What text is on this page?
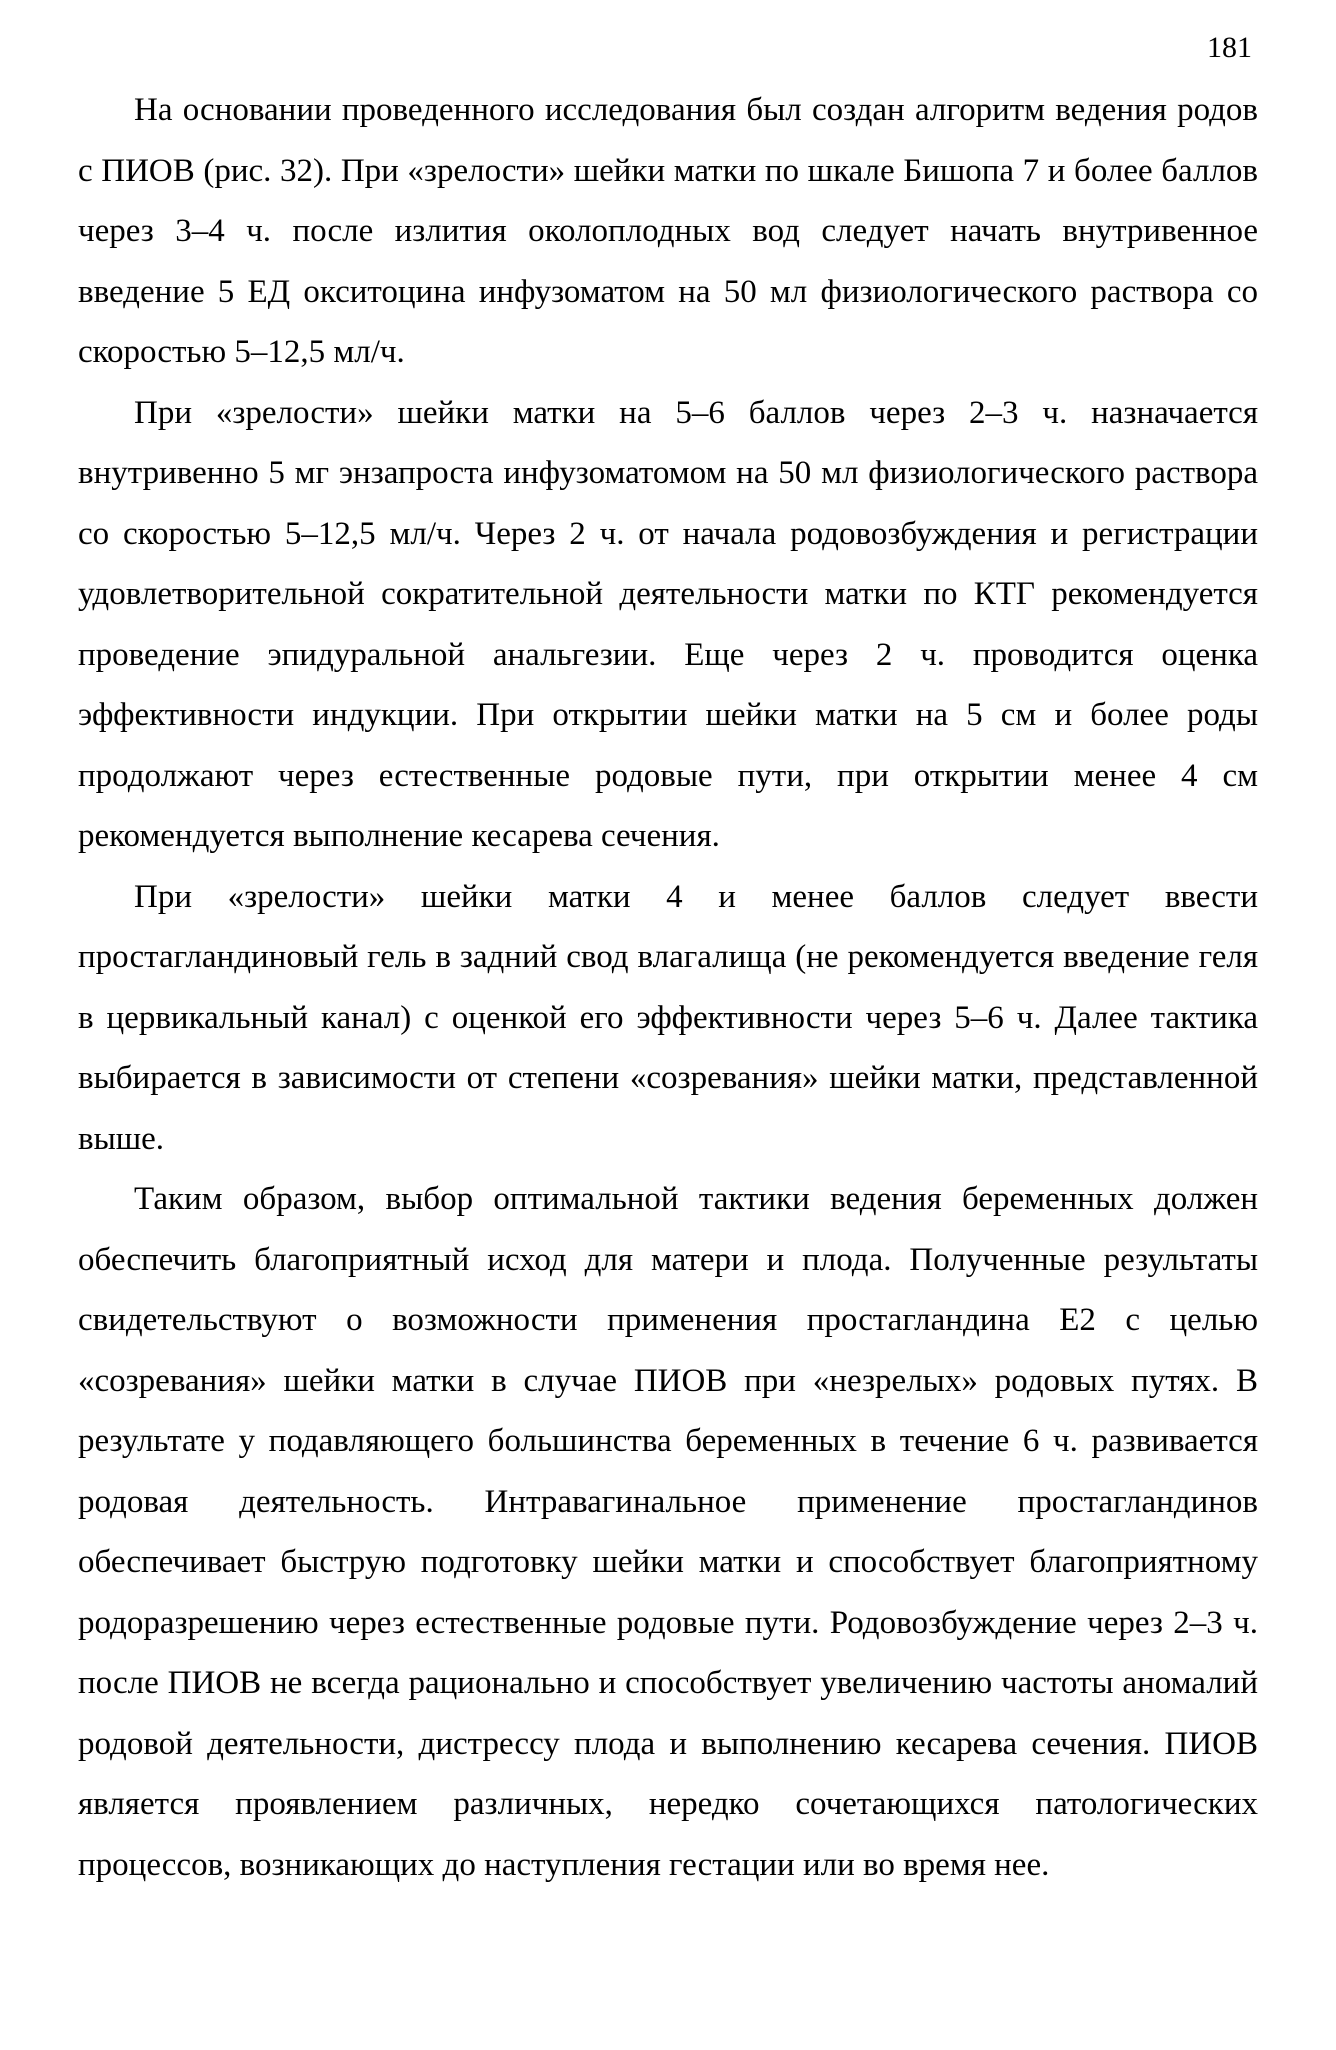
181

На основании проведенного исследования был создан алгоритм ведения родов с ПИОВ (рис. 32). При «зрелости» шейки матки по шкале Бишопа 7 и более баллов через 3–4 ч. после излития околоплодных вод следует начать внутривенное введение 5 ЕД окситоцина инфузоматом на 50 мл физиологического раствора со скоростью 5–12,5 мл/ч.

При «зрелости» шейки матки на 5–6 баллов через 2–3 ч. назначается внутривенно 5 мг энзапроста инфузоматомом на 50 мл физиологического раствора со скоростью 5–12,5 мл/ч. Через 2 ч. от начала родовозбуждения и регистрации удовлетворительной сократительной деятельности матки по КТГ рекомендуется проведение эпидуральной анальгезии. Еще через 2 ч. проводится оценка эффективности индукции. При открытии шейки матки на 5 см и более роды продолжают через естественные родовые пути, при открытии менее 4 см рекомендуется выполнение кесарева сечения.

При «зрелости» шейки матки 4 и менее баллов следует ввести простагландиновый гель в задний свод влагалища (не рекомендуется введение геля в цервикальный канал) с оценкой его эффективности через 5–6 ч. Далее тактика выбирается в зависимости от степени «созревания» шейки матки, представленной выше.

Таким образом, выбор оптимальной тактики ведения беременных должен обеспечить благоприятный исход для матери и плода. Полученные результаты свидетельствуют о возможности применения простагландина Е2 с целью «созревания» шейки матки в случае ПИОВ при «незрелых» родовых путях. В результате у подавляющего большинства беременных в течение 6 ч. развивается родовая деятельность. Интравагинальное применение простагландинов обеспечивает быструю подготовку шейки матки и способствует благоприятному родоразрешению через естественные родовые пути. Родовозбуждение через 2–3 ч. после ПИОВ не всегда рационально и способствует увеличению частоты аномалий родовой деятельности, дистрессу плода и выполнению кесарева сечения. ПИОВ является проявлением различных, нередко сочетающихся патологических процессов, возникающих до наступления гестации или во время нее.
